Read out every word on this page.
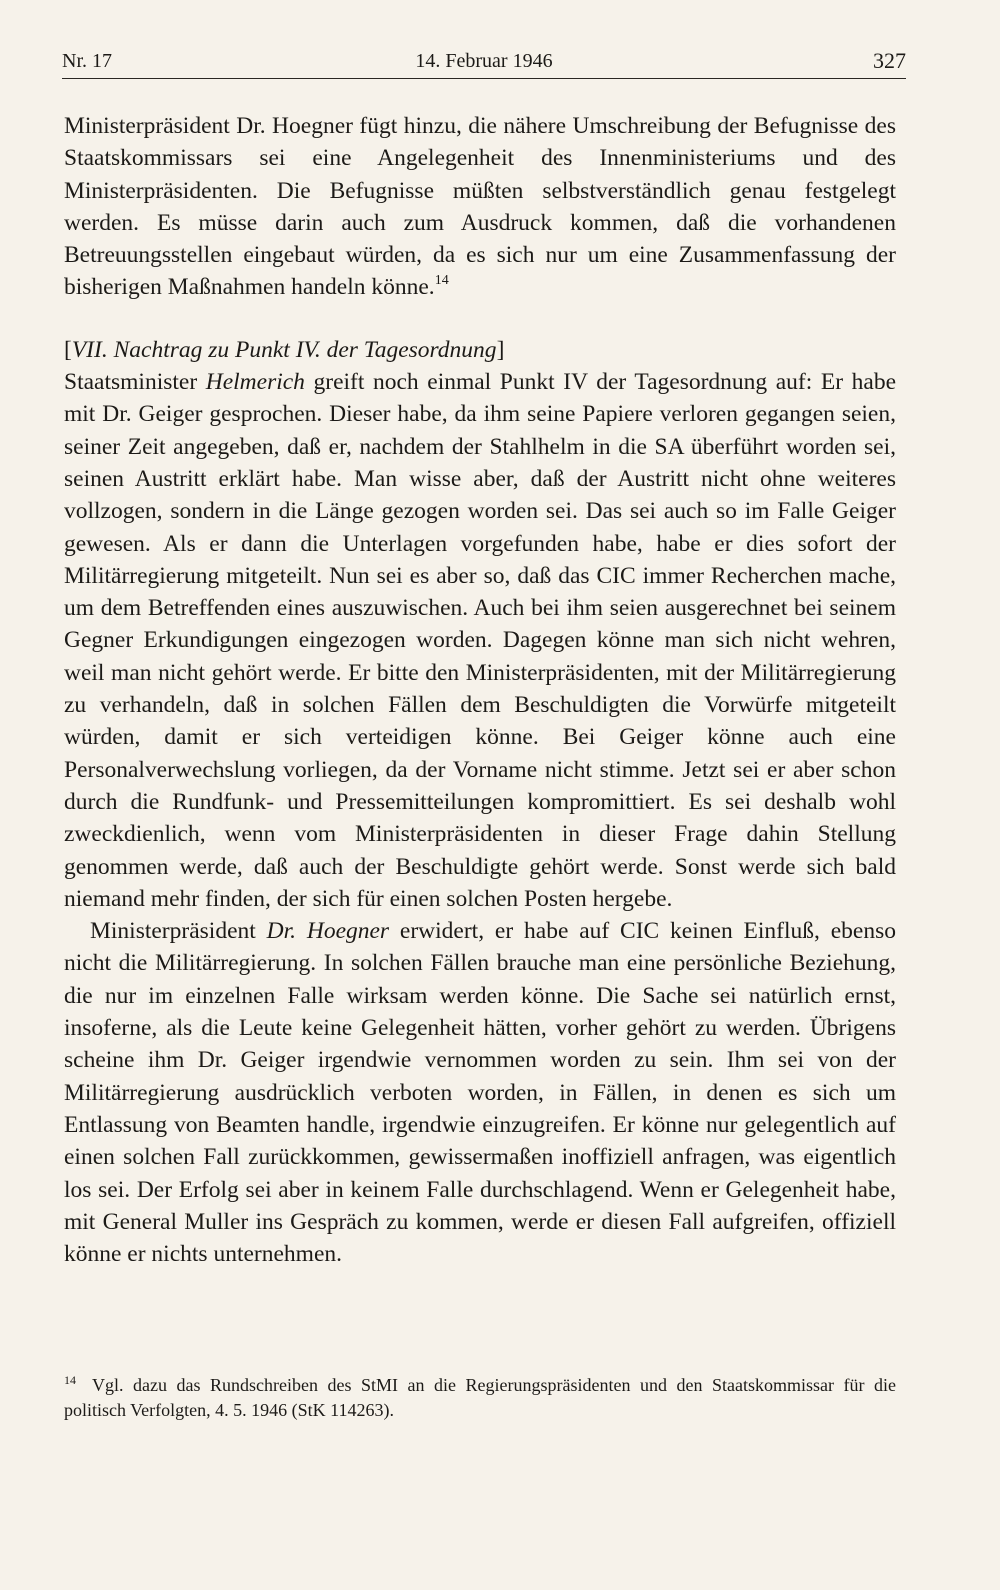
Nr. 17	14. Februar 1946	327

Ministerpräsident Dr. Hoegner fügt hinzu, die nähere Umschreibung der Befugnisse des Staatskommissars sei eine Angelegenheit des Innenministeriums und des Ministerpräsidenten. Die Befugnisse müßten selbstverständlich genau festgelegt werden. Es müsse darin auch zum Ausdruck kommen, daß die vorhandenen Betreuungsstellen eingebaut würden, da es sich nur um eine Zusammenfassung der bisherigen Maßnahmen handeln könne.$^{14}$

[VII. Nachtrag zu Punkt IV. der Tagesordnung]

Staatsminister Helmerich greift noch einmal Punkt IV der Tagesordnung auf: Er habe mit Dr. Geiger gesprochen. Dieser habe, da ihm seine Papiere verloren gegangen seien, seiner Zeit angegeben, daß er, nachdem der Stahlhelm in die SA überführt worden sei, seinen Austritt erklärt habe. Man wisse aber, daß der Austritt nicht ohne weiteres vollzogen, sondern in die Länge gezogen worden sei. Das sei auch so im Falle Geiger gewesen. Als er dann die Unterlagen vorgefunden habe, habe er dies sofort der Militärregierung mitgeteilt. Nun sei es aber so, daß das CIC immer Recherchen mache, um dem Betreffenden eines auszuwischen. Auch bei ihm seien ausgerechnet bei seinem Gegner Erkundigungen eingezogen worden. Dagegen könne man sich nicht wehren, weil man nicht gehört werde. Er bitte den Ministerpräsidenten, mit der Militärregierung zu verhandeln, daß in solchen Fällen dem Beschuldigten die Vorwürfe mitgeteilt würden, damit er sich verteidigen könne. Bei Geiger könne auch eine Personalverwechslung vorliegen, da der Vorname nicht stimme. Jetzt sei er aber schon durch die Rundfunk- und Pressemitteilungen kompromittiert. Es sei deshalb wohl zweckdienlich, wenn vom Ministerpräsidenten in dieser Frage dahin Stellung genommen werde, daß auch der Beschuldigte gehört werde. Sonst werde sich bald niemand mehr finden, der sich für einen solchen Posten hergebe.

Ministerpräsident Dr. Hoegner erwidert, er habe auf CIC keinen Einfluß, ebenso nicht die Militärregierung. In solchen Fällen brauche man eine persönliche Beziehung, die nur im einzelnen Falle wirksam werden könne. Die Sache sei natürlich ernst, insoferne, als die Leute keine Gelegenheit hätten, vorher gehört zu werden. Übrigens scheine ihm Dr. Geiger irgendwie vernommen worden zu sein. Ihm sei von der Militärregierung ausdrücklich verboten worden, in Fällen, in denen es sich um Entlassung von Beamten handle, irgendwie einzugreifen. Er könne nur gelegentlich auf einen solchen Fall zurückkommen, gewissermaßen inoffiziell anfragen, was eigentlich los sei. Der Erfolg sei aber in keinem Falle durchschlagend. Wenn er Gelegenheit habe, mit General Muller ins Gespräch zu kommen, werde er diesen Fall aufgreifen, offiziell könne er nichts unternehmen.

$^{14}$ Vgl. dazu das Rundschreiben des StMI an die Regierungspräsidenten und den Staatskommissar für die politisch Verfolgten, 4. 5. 1946 (StK 114263).
